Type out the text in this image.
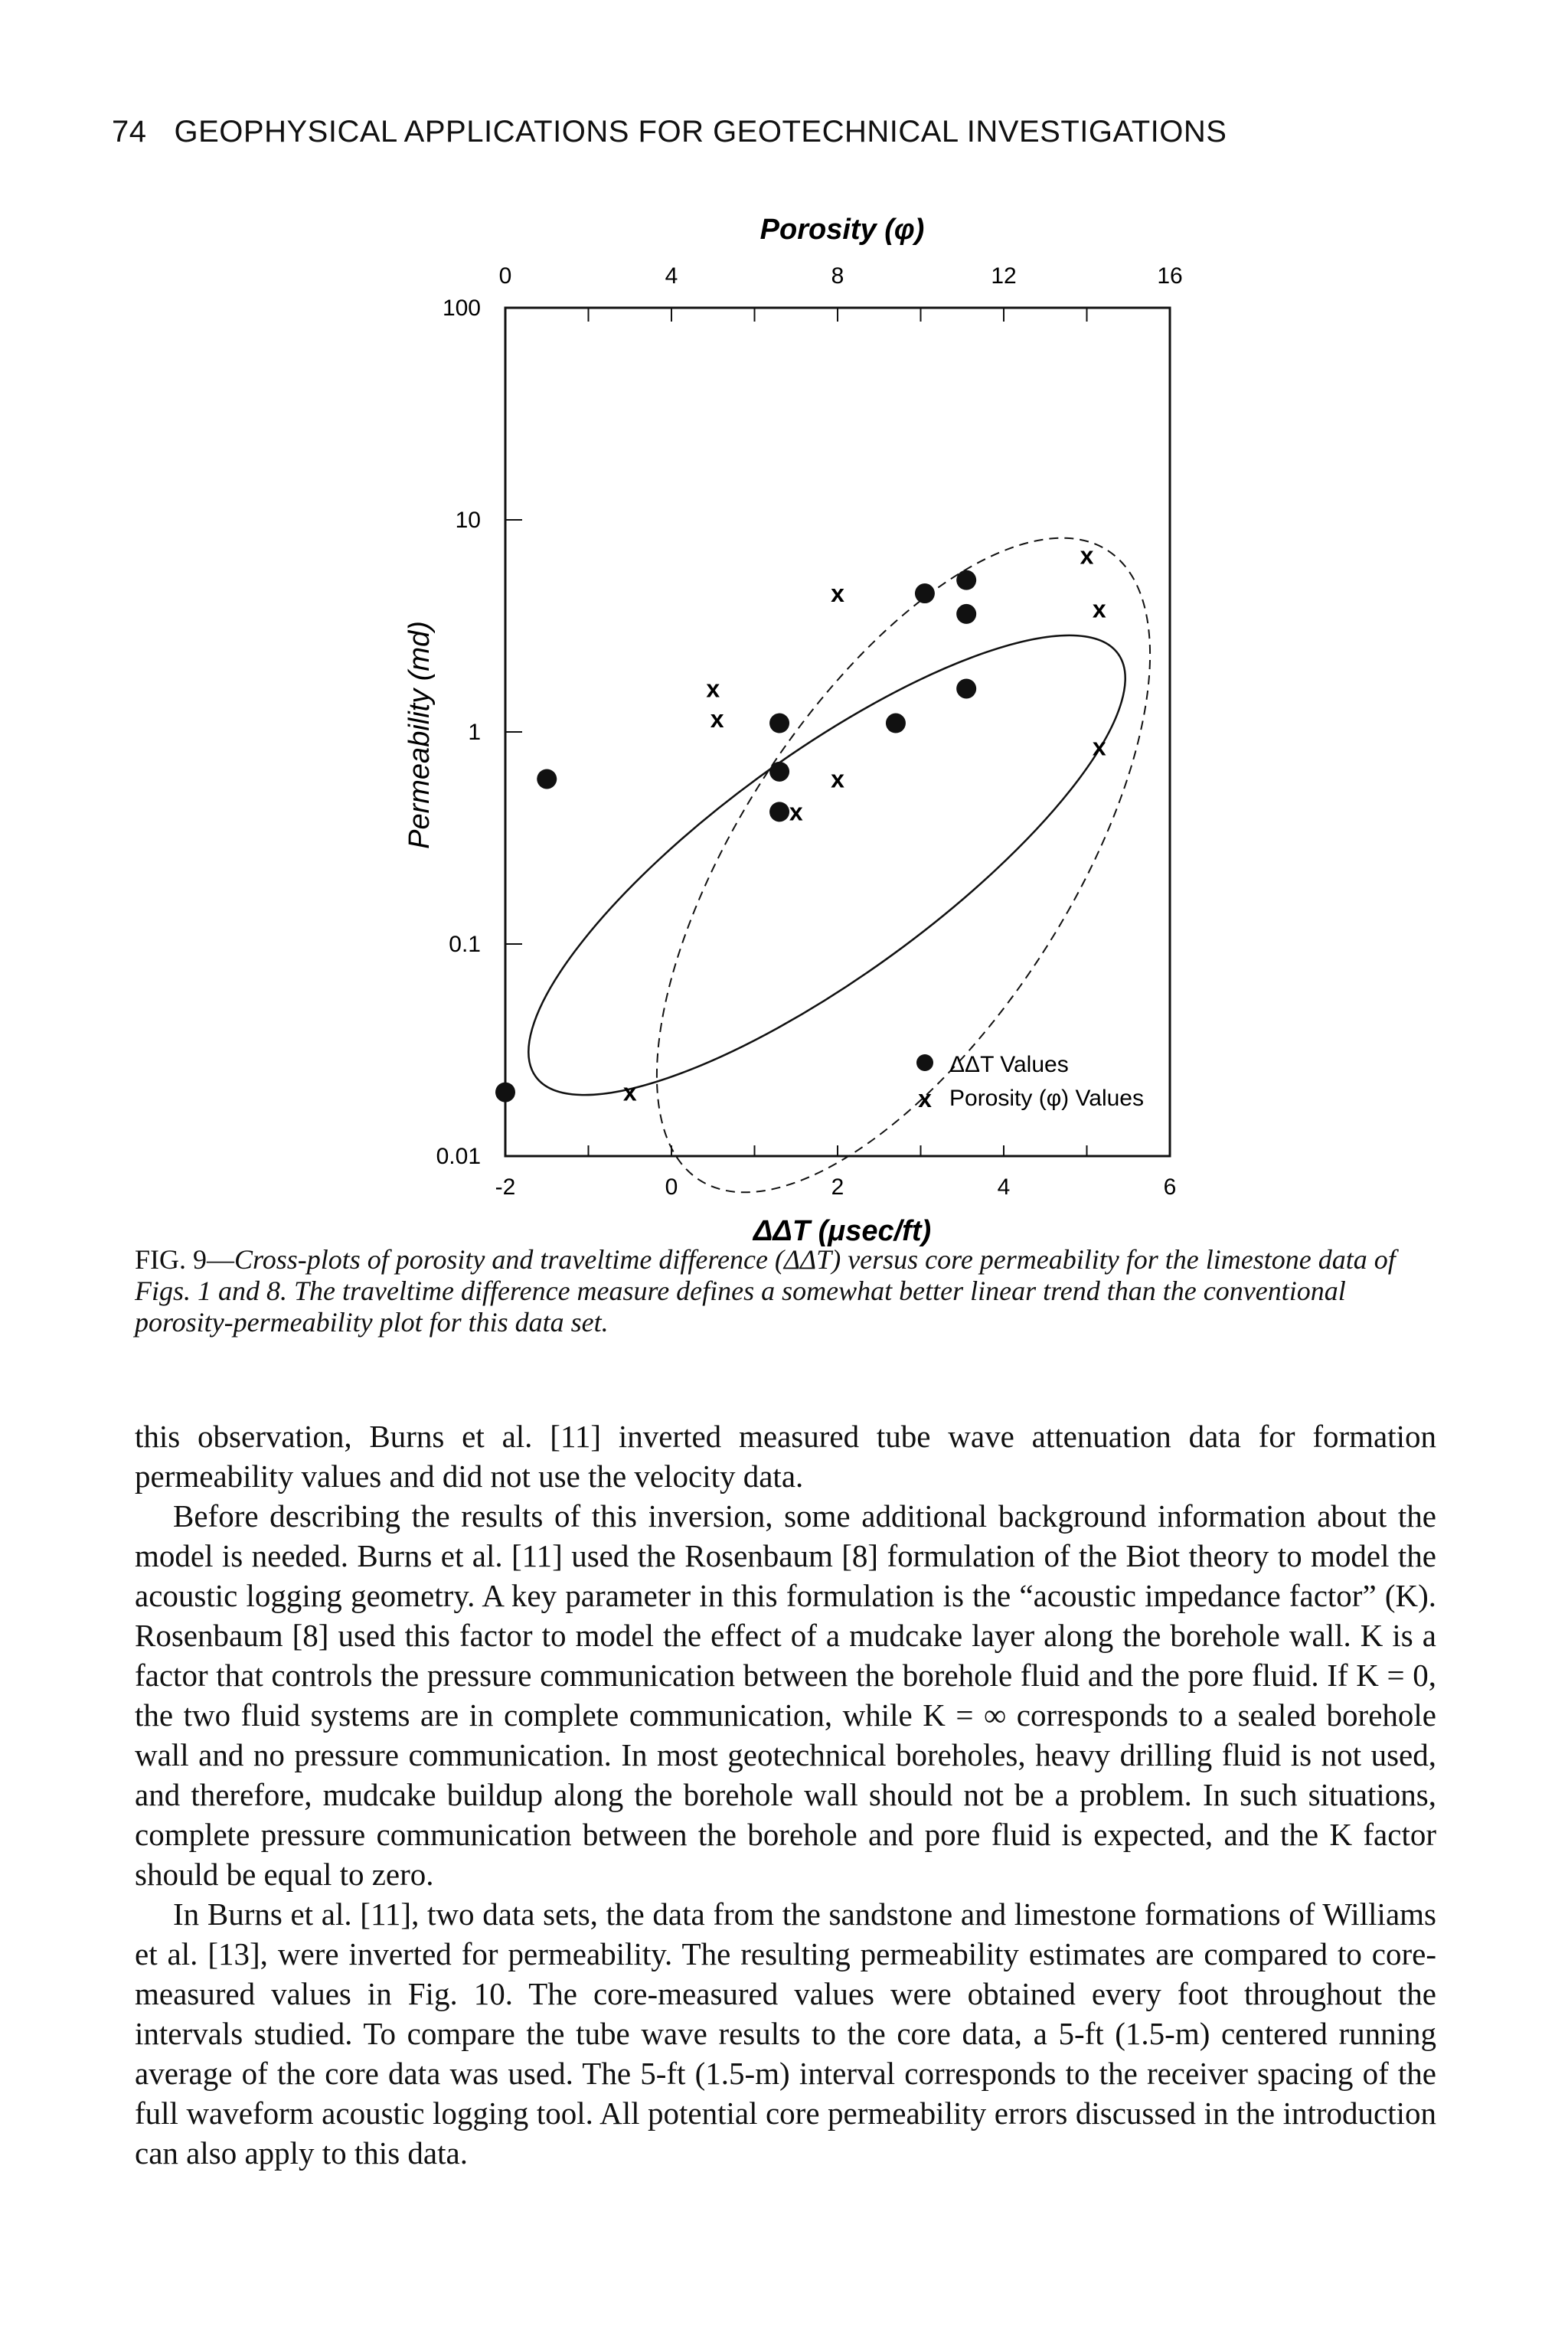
74 GEOPHYSICAL APPLICATIONS FOR GEOTECHNICAL INVESTIGATIONS
0	4	8	12	16
-2	0	2	4	6
100
10
1
0.1
0.01
x
x
x
x
x
x
x
x
x
Porosity (φ)
ΔΔT (μsec/ft)
Permeability (md)
ΔΔT Values
x Porosity (φ) Values
FIG. 9—Cross-plots of porosity and traveltime difference (ΔΔT) versus core permeability for the limestone data of Figs. 1 and 8. The traveltime difference measure defines a somewhat better linear trend than the conventional porosity-permeability plot for this data set.

this observation, Burns et al. [11] inverted measured tube wave attenuation data for formation permeability values and did not use the velocity data.

Before describing the results of this inversion, some additional background information about the model is needed. Burns et al. [11] used the Rosenbaum [8] formulation of the Biot theory to model the acoustic logging geometry. A key parameter in this formulation is the “acoustic impedance factor” (K). Rosenbaum [8] used this factor to model the effect of a mudcake layer along the borehole wall. K is a factor that controls the pressure communication between the borehole fluid and the pore fluid. If K = 0, the two fluid systems are in complete communication, while K = ∞ corresponds to a sealed borehole wall and no pressure communication. In most geotechnical boreholes, heavy drilling fluid is not used, and therefore, mudcake buildup along the borehole wall should not be a problem. In such situations, complete pressure communication between the borehole and pore fluid is expected, and the K factor should be equal to zero.

In Burns et al. [11], two data sets, the data from the sandstone and limestone formations of Williams et al. [13], were inverted for permeability. The resulting permeability estimates are compared to core-measured values in Fig. 10. The core-measured values were obtained every foot throughout the intervals studied. To compare the tube wave results to the core data, a 5-ft (1.5-m) centered running average of the core data was used. The 5-ft (1.5-m) interval corresponds to the receiver spacing of the full waveform acoustic logging tool. All potential core permeability errors discussed in the introduction can also apply to this data.
